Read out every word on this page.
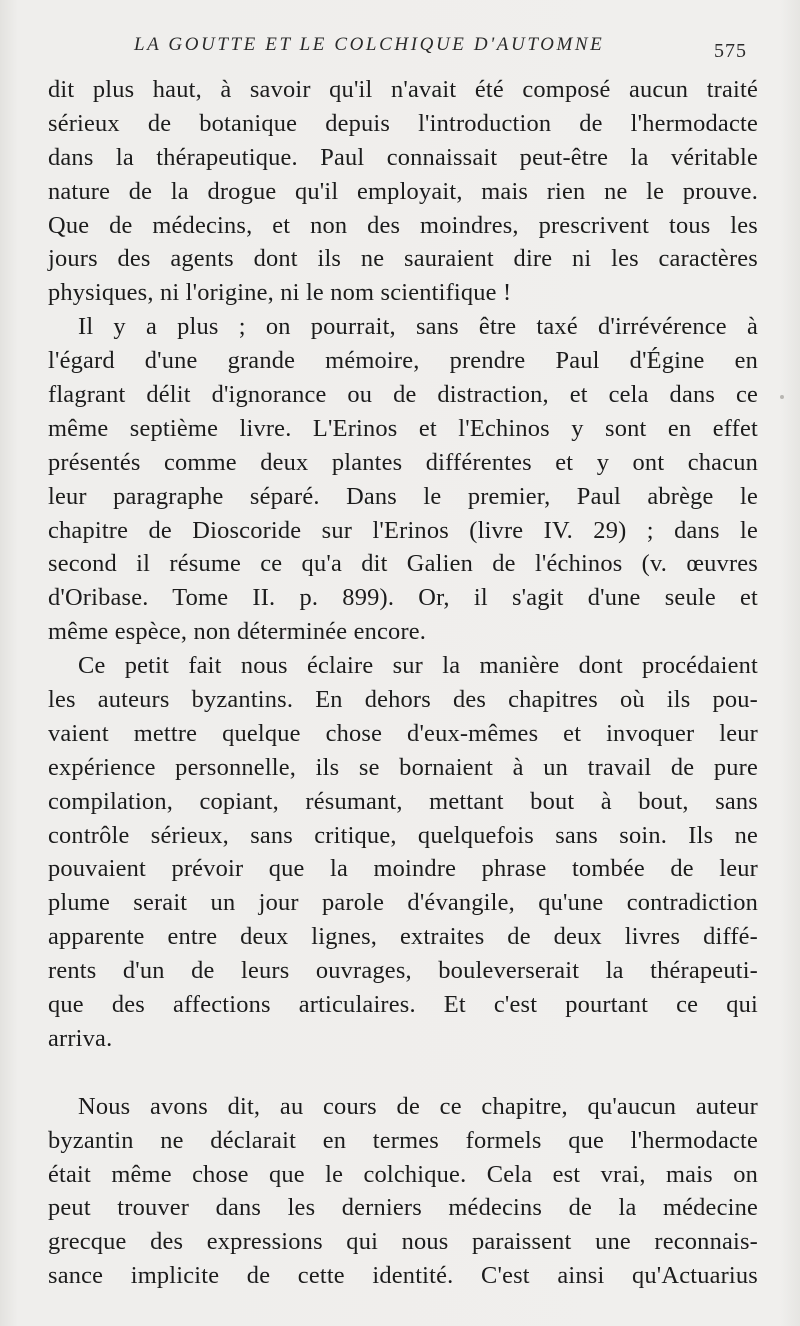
LA GOUTTE ET LE COLCHIQUE D'AUTOMNE	575
dit plus haut, à savoir qu'il n'avait été composé aucun traité
sérieux de botanique depuis l'introduction de l'hermodacte
dans la thérapeutique. Paul connaissait peut-être la véritable
nature de la drogue qu'il employait, mais rien ne le prouve.
Que de médecins, et non des moindres, prescrivent tous les
jours des agents dont ils ne sauraient dire ni les caractères
physiques, ni l'origine, ni le nom scientifique !
Il y a plus ; on pourrait, sans être taxé d'irrévérence à
l'égard d'une grande mémoire, prendre Paul d'Égine en
flagrant délit d'ignorance ou de distraction, et cela dans ce
même septième livre. L'Erinos et l'Echinos y sont en effet
présentés comme deux plantes différentes et y ont chacun
leur paragraphe séparé. Dans le premier, Paul abrège le
chapitre de Dioscoride sur l'Erinos (livre IV. 29) ; dans le
second il résume ce qu'a dit Galien de l'échinos (v. œuvres
d'Oribase. Tome II. p. 899). Or, il s'agit d'une seule et
même espèce, non déterminée encore.
Ce petit fait nous éclaire sur la manière dont procédaient
les auteurs byzantins. En dehors des chapitres où ils pou-
vaient mettre quelque chose d'eux-mêmes et invoquer leur
expérience personnelle, ils se bornaient à un travail de pure
compilation, copiant, résumant, mettant bout à bout, sans
contrôle sérieux, sans critique, quelquefois sans soin. Ils ne
pouvaient prévoir que la moindre phrase tombée de leur
plume serait un jour parole d'évangile, qu'une contradiction
apparente entre deux lignes, extraites de deux livres diffé-
rents d'un de leurs ouvrages, bouleverserait la thérapeuti-
que des affections articulaires. Et c'est pourtant ce qui
arriva.
Nous avons dit, au cours de ce chapitre, qu'aucun auteur
byzantin ne déclarait en termes formels que l'hermodacte
était même chose que le colchique. Cela est vrai, mais on
peut trouver dans les derniers médecins de la médecine
grecque des expressions qui nous paraissent une reconnais-
sance implicite de cette identité. C'est ainsi qu'Actuarius
